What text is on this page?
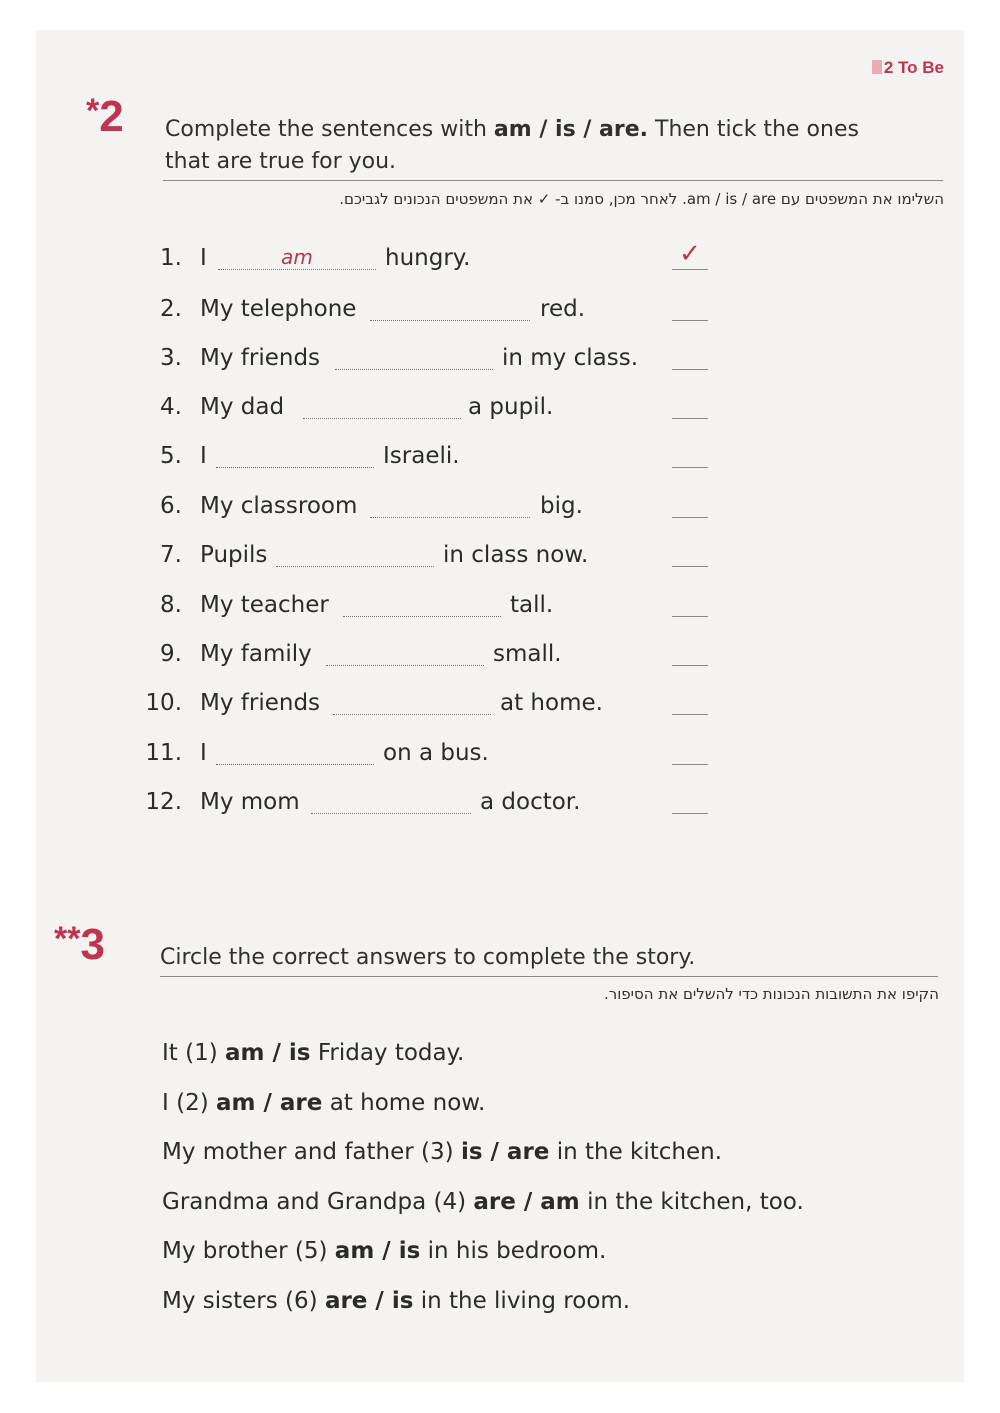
2 To Be
*2 Complete the sentences with am / is / are. Then tick the ones
that are true for you.
השלימו את המשפטים עם am / is / are. לאחר מכן, סמנו ב- ✓ את המשפטים הנכונים לגביכם.
1. I	am	hungry.	✓
2. My telephone	red.
3. My friends	in my class.
4. My dad	a pupil.
5. I	Israeli.
6. My classroom	big.
7. Pupils	in class now.
8. My teacher	tall.
9. My family	small.
10. My friends	at home.
11. I	on a bus.
12. My mom	a doctor.
**3	Circle the correct answers to complete the story.
הקיפו את התשובות הנכונות כדי להשלים את הסיפור.
It (1) am / is Friday today.
I (2) am / are at home now.
My mother and father (3) is / are in the kitchen.
Grandma and Grandpa (4) are / am in the kitchen, too.
My brother (5) am / is in his bedroom.
My sisters (6) are / is in the living room.
